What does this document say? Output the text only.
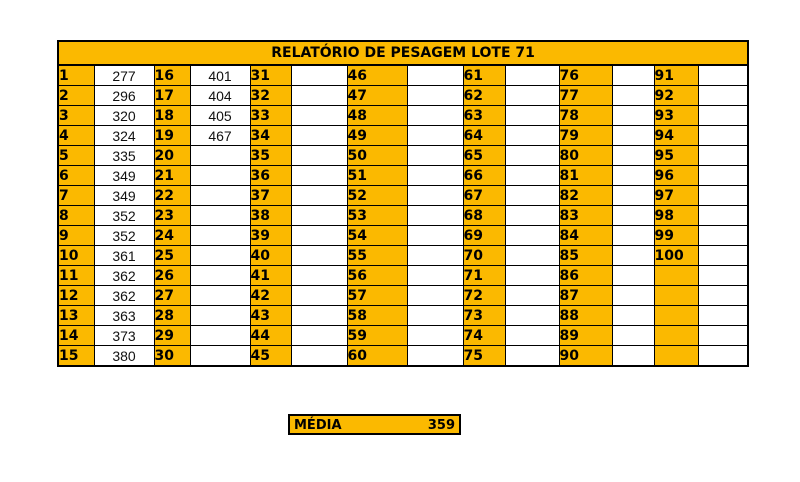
RELATÓRIO DE PESAGEM LOTE 71													
1	277	16	401	31		46		61		76		91	
2	296	17	404	32		47		62		77		92	
3	320	18	405	33		48		63		78		93	
4	324	19	467	34		49		64		79		94	
5	335	20		35		50		65		80		95	
6	349	21		36		51		66		81		96	
7	349	22		37		52		67		82		97	
8	352	23		38		53		68		83		98	
9	352	24		39		54		69		84		99	
10	361	25		40		55		70		85		100	
11	362	26		41		56		71		86			
12	362	27		42		57		72		87			
13	363	28		43		58		73		88			
14	373	29		44		59		74		89			
15	380	30		45		60		75		90			
MÉDIA	359
